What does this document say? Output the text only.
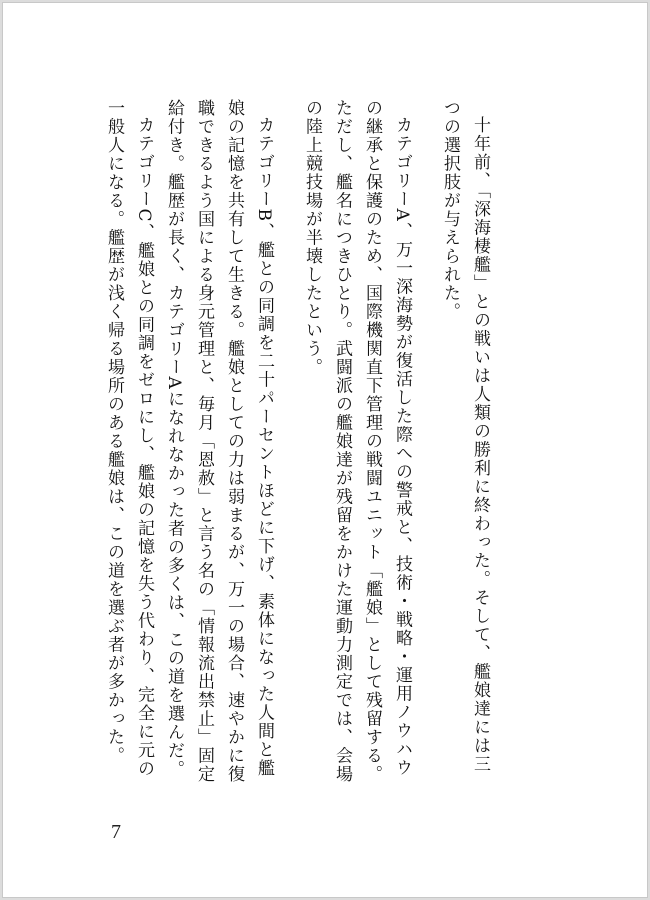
十年前、「深海棲艦」との戦いは人類の勝利に終わった。そして、艦娘達には三つの選択肢が与えられた。

カテゴリーA、万一深海勢が復活した際への警戒と、技術・戦略・運用ノウハウの継承と保護のため、国際機関直下管理の戦闘ユニット「艦娘」として残留する。ただし、艦名につきひとり。武闘派の艦娘達が残留をかけた運動力測定では、会場の陸上競技場が半壊したという。

カテゴリーB、艦との同調を二十パーセントほどに下げ、素体になった人間と艦娘の記憶を共有して生きる。艦娘としての力は弱まるが、万一の場合、速やかに復職できるよう国による身元管理と、毎月「恩赦」と言う名の「情報流出禁止」固定給付き。艦歴が長く、カテゴリーAになれなかった者の多くは、この道を選んだ。

カテゴリーC、艦娘との同調をゼロにし、艦娘の記憶を失う代わり、完全に元の一般人になる。艦歴が浅く帰る場所のある艦娘は、この道を選ぶ者が多かった。

7
